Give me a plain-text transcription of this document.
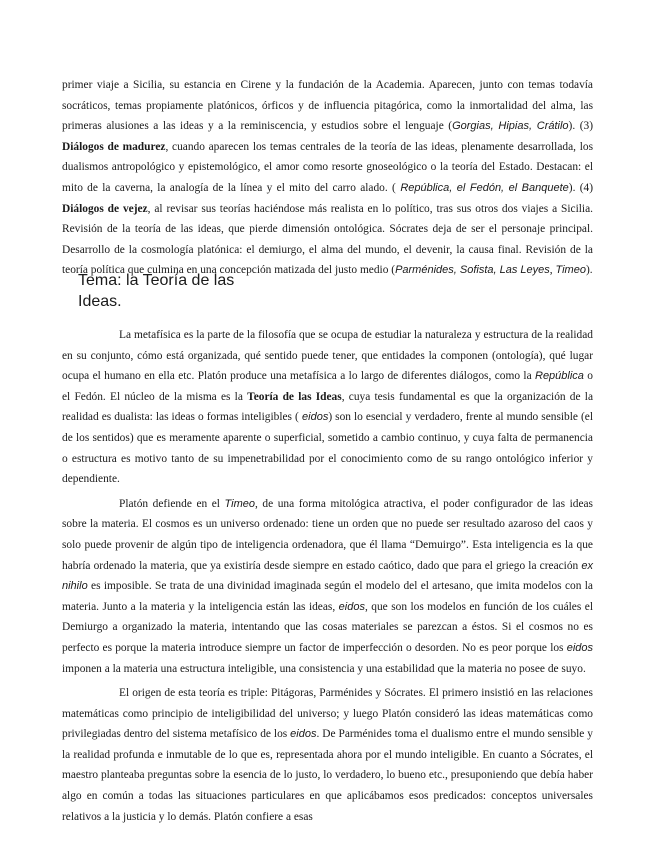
primer viaje a Sicilia, su estancia en Cirene y la fundación de la Academia. Aparecen, junto con temas todavía socráticos, temas propiamente platónicos, órficos y de influencia pitagórica, como la inmortalidad del alma, las primeras alusiones a las ideas y a la reminiscencia, y estudios sobre el lenguaje (Gorgias, Hipias, Crátilo). (3) Diálogos de madurez, cuando aparecen los temas centrales de la teoría de las ideas, plenamente desarrollada, los dualismos antropológico y epistemológico, el amor como resorte gnoseológico o la teoría del Estado. Destacan: el mito de la caverna, la analogía de la línea y el mito del carro alado. ( República, el Fedón, el Banquete). (4) Diálogos de vejez, al revisar sus teorías haciéndose más realista en lo político, tras sus otros dos viajes a Sicilia. Revisión de la teoría de las ideas, que pierde dimensión ontológica. Sócrates deja de ser el personaje principal. Desarrollo de la cosmología platónica: el demiurgo, el alma del mundo, el devenir, la causa final. Revisión de la teoría política que culmina en una concepción matizada del justo medio (Parménides, Sofista, Las Leyes, Timeo).
Tema: la Teoría de las Ideas.

La metafísica es la parte de la filosofía que se ocupa de estudiar la naturaleza y estructura de la realidad en su conjunto, cómo está organizada, qué sentido puede tener, que entidades la componen (ontología), qué lugar ocupa el humano en ella etc. Platón produce una metafísica a lo largo de diferentes diálogos, como la República o el Fedón. El núcleo de la misma es la Teoría de las Ideas, cuya tesis fundamental es que la organización de la realidad es dualista: las ideas o formas inteligibles ( eidos) son lo esencial y verdadero, frente al mundo sensible (el de los sentidos) que es meramente aparente o superficial, sometido a cambio continuo, y cuya falta de permanencia o estructura es motivo tanto de su impenetrabilidad por el conocimiento como de su rango ontológico inferior y dependiente.

Platón defiende en el Timeo, de una forma mitológica atractiva, el poder configurador de las ideas sobre la materia. El cosmos es un universo ordenado: tiene un orden que no puede ser resultado azaroso del caos y solo puede provenir de algún tipo de inteligencia ordenadora, que él llama “Demuirgo”. Esta inteligencia es la que habría ordenado la materia, que ya existiría desde siempre en estado caótico, dado que para el griego la creación ex nihilo es imposible. Se trata de una divinidad imaginada según el modelo del el artesano, que imita modelos con la materia. Junto a la materia y la inteligencia están las ideas, eidos, que son los modelos en función de los cuáles el Demiurgo a organizado la materia, intentando que las cosas materiales se parezcan a éstos. Si el cosmos no es perfecto es porque la materia introduce siempre un factor de imperfección o desorden. No es peor porque los eidos imponen a la materia una estructura inteligible, una consistencia y una estabilidad que la materia no posee de suyo.

El origen de esta teoría es triple: Pitágoras, Parménides y Sócrates. El primero insistió en las relaciones matemáticas como principio de inteligibilidad del universo; y luego Platón consideró las ideas matemáticas como privilegiadas dentro del sistema metafísico de los eidos. De Parménides toma el dualismo entre el mundo sensible y la realidad profunda e inmutable de lo que es, representada ahora por el mundo inteligible. En cuanto a Sócrates, el maestro planteaba preguntas sobre la esencia de lo justo, lo verdadero, lo bueno etc., presuponiendo que debía haber algo en común a todas las situaciones particulares en que aplicábamos esos predicados: conceptos universales relativos a la justicia y lo demás. Platón confiere a esas
